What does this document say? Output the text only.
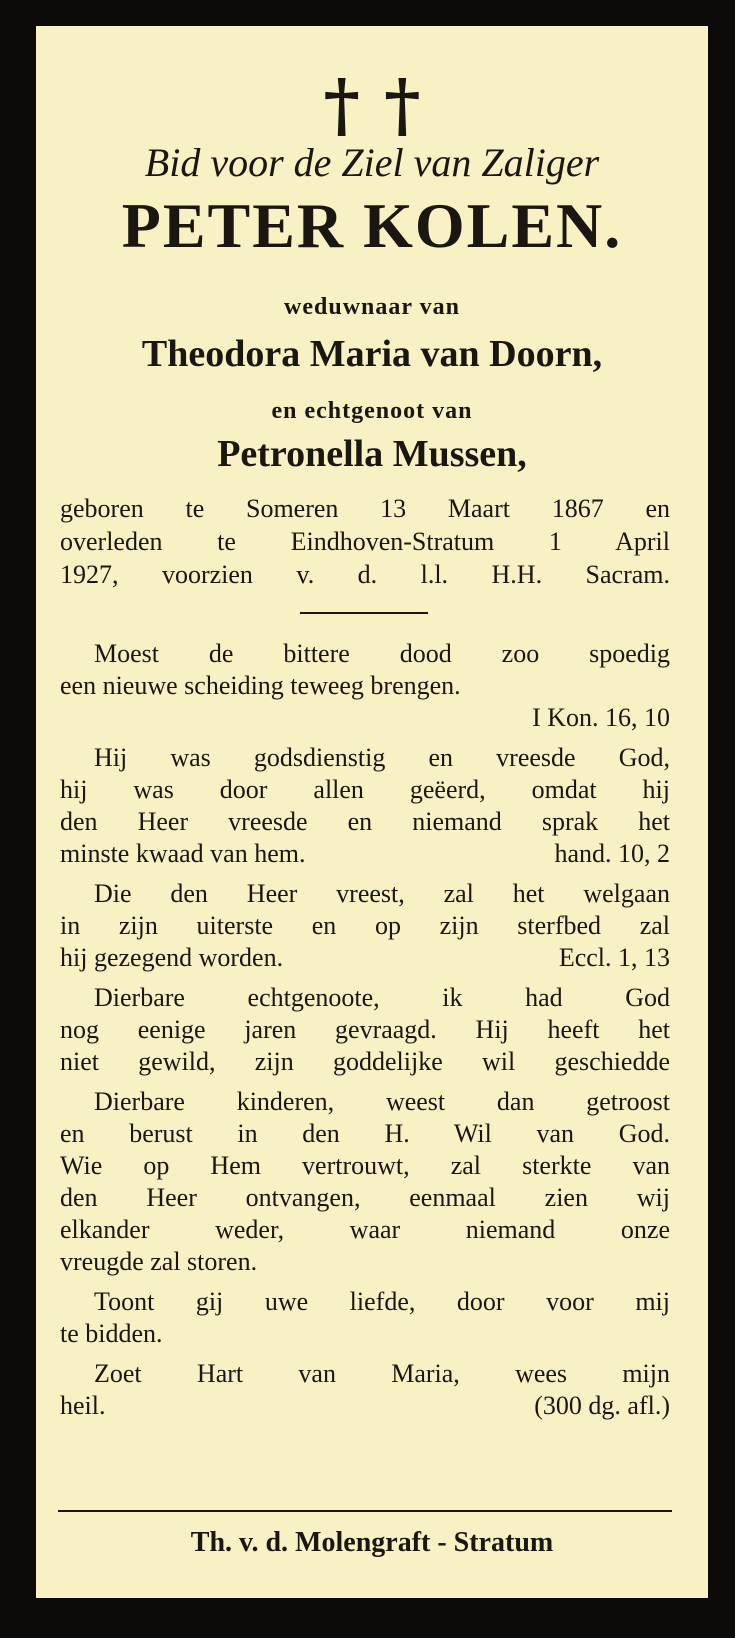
† †
Bid voor de Ziel van Zaliger
PETER KOLEN.
weduwnaar van
Theodora Maria van Doorn,
en echtgenoot van
Petronella Mussen,
geboren te Someren 13 Maart 1867 en
overleden te Eindhoven-Stratum 1 April
1927, voorzien v. d. l.l. H.H. Sacram.
Moest de bittere dood zoo spoedig
een nieuwe scheiding teweeg brengen.
I Kon. 16, 10
Hij was godsdienstig en vreesde God,
hij was door allen geëerd, omdat hij
den Heer vreesde en niemand sprak het
minste kwaad van hem.	hand. 10, 2
Die den Heer vreest, zal het welgaan
in zijn uiterste en op zijn sterfbed zal
hij gezegend worden.	Eccl. 1, 13
Dierbare echtgenoote, ik had God
nog eenige jaren gevraagd. Hij heeft het
niet gewild, zijn goddelijke wil geschiedde
Dierbare kinderen, weest dan getroost
en berust in den H. Wil van God.
Wie op Hem vertrouwt, zal sterkte van
den Heer ontvangen, eenmaal zien wij
elkander weder, waar niemand onze
vreugde zal storen.
Toont gij uwe liefde, door voor mij
te bidden.
Zoet Hart van Maria, wees mijn
heil.	(300 dg. afl.)
Th. v. d. Molengraft - Stratum
